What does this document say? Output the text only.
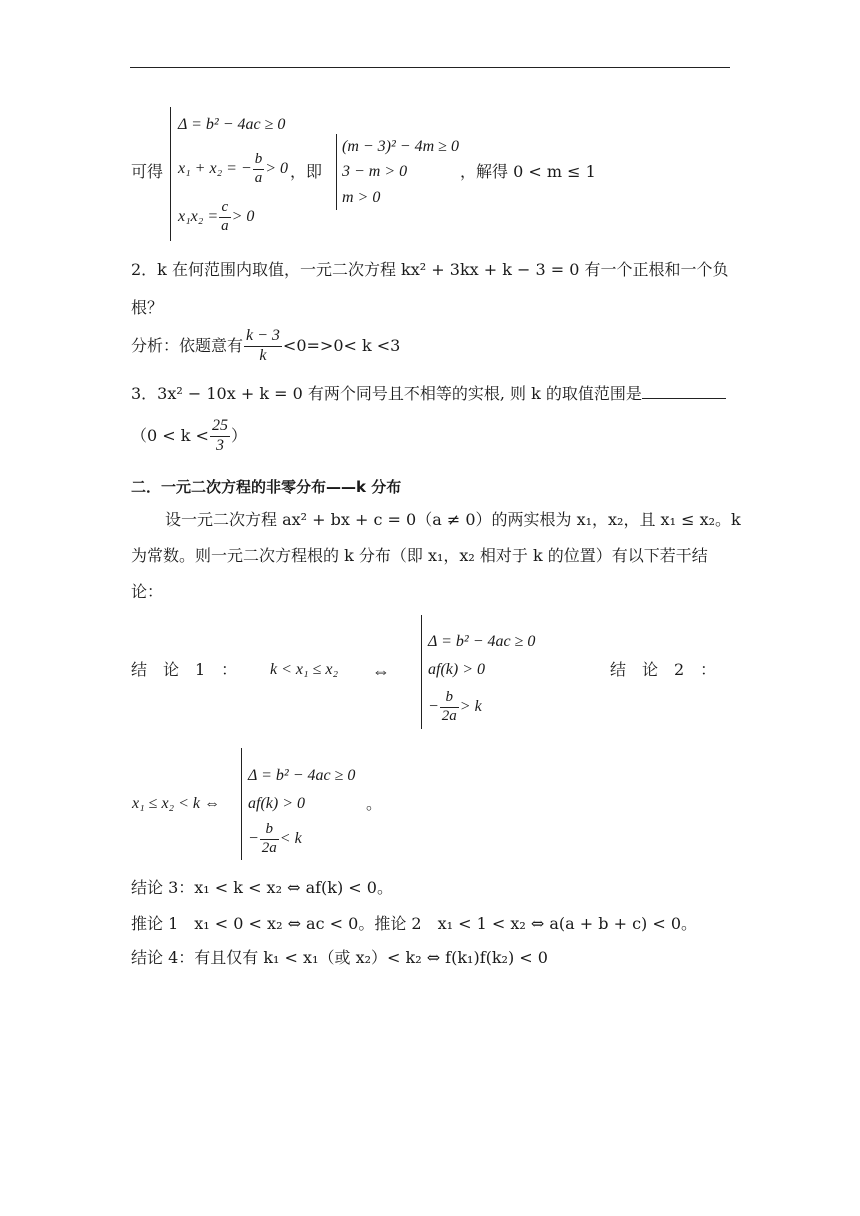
可得
Δ = b² − 4ac ≥ 0
x₁ + x₂ = − $\frac{b}{a} > 0$
$x_1x_2 = \frac{c}{a} > 0$
，即
(m − 3)² − 4m ≥ 0
3 − m > 0
m > 0
，解得 0 < m ≤ 1
2．k 在何范围内取值，一元二次方程 kx² + 3kx + k − 3 = 0 有一个正根和一个负
根？
分析：依题意有 $\frac{k - 3}{k} <0=>0< k <3$
3．3x² − 10x + k = 0 有两个同号且不相等的实根, 则 k 的取值范围是
（$0 < k < \frac{25}{3}$ ）
二．一元二次方程的非零分布——k 分布
设一元二次方程 ax² + bx + c = 0（a ≠ 0）的两实根为 x₁，x₂，且 x₁ ≤ x₂。k
为常数。则一元二次方程根的 k 分布（即 x₁，x₂ 相对于 k 的位置）有以下若干结
论：
结　论　1　： k < x₁ ≤ x₂ ⇔
Δ = b² − 4ac ≥ 0
af(k) > 0
− $\frac{b}{2a} > k$
结　论　2　：
x₁ ≤ x₂ < k ⇔
Δ = b² − 4ac ≥ 0
af(k) > 0
− $\frac{b}{2a} < k$
。
结论 3：x₁ < k < x₂ ⇔ af(k) < 0。
推论 1　x₁ < 0 < x₂ ⇔ ac < 0。推论 2　x₁ < 1 < x₂ ⇔ a(a + b + c) < 0。
结论 4：有且仅有 k₁ < x₁（或 x₂）< k₂ ⇔ f(k₁)f(k₂) < 0
